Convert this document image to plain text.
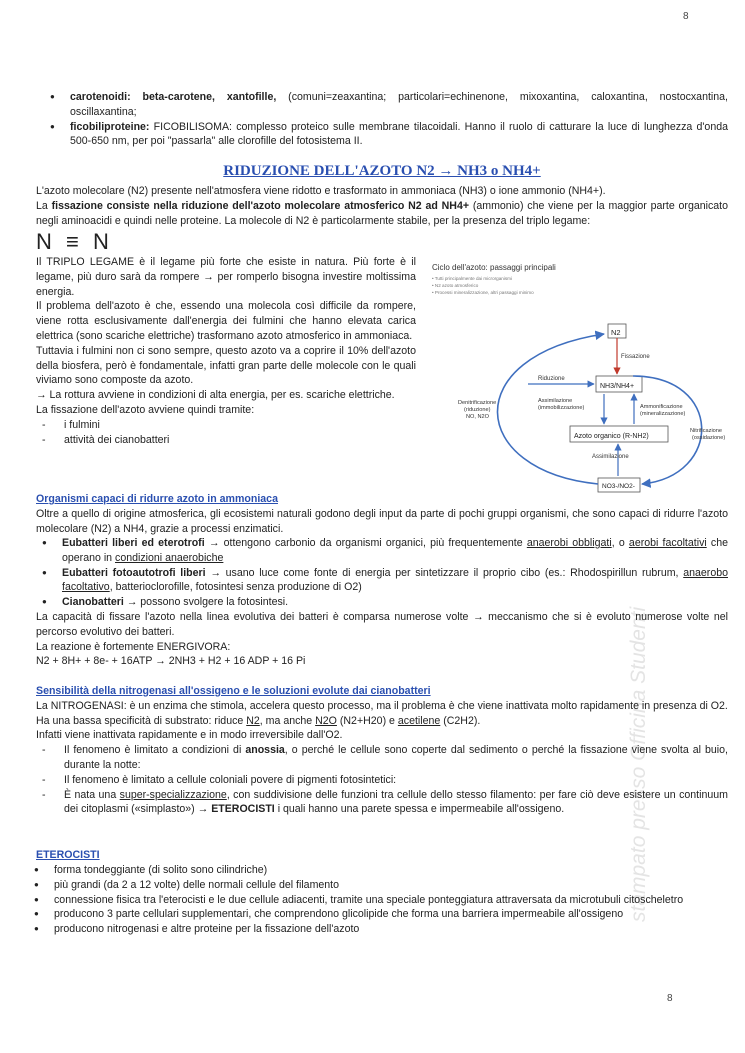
8
8
stampato presso Officina Studenti
● carotenoidi: beta-carotene, xantofille, (comuni=zeaxantina; particolari=echinenone, mixoxantina, caloxantina, nostocxantina, oscillaxantina;
● ficobiliproteine: FICOBILISOMA: complesso proteico sulle membrane tilacoidali. Hanno il ruolo di catturare la luce di lunghezza d'onda 500-650 nm, per poi "passarla" alle clorofille del fotosistema II.
RIDUZIONE DELL'AZOTO N2 → NH3 o NH4+

L'azoto molecolare (N2) presente nell'atmosfera viene ridotto e trasformato in ammoniaca (NH3) o ione ammonio (NH4+).

La fissazione consiste nella riduzione dell'azoto molecolare atmosferico N2 ad NH4+ (ammonio) che viene per la maggior parte organicato negli aminoacidi e quindi nelle proteine. La molecole di N2 è particolarmente stabile, per la presenza del triplo legame:

N ≡ N

Il TRIPLO LEGAME è il legame più forte che esiste in natura. Più forte è il legame, più duro sarà da rompere → per romperlo bisogna investire moltissima energia.

Il problema dell'azoto è che, essendo una molecola così difficile da rompere, viene rotta esclusivamente dall'energia dei fulmini che hanno elevata carica elettrica (sono scariche elettriche) trasformano azoto atmosferico in ammoniaca.

Tuttavia i fulmini non ci sono sempre, questo azoto va a coprire il 10% dell'azoto della biosfera, però è fondamentale, infatti gran parte delle molecole con le quali viviamo sono composte da azoto.

→ La rottura avviene in condizioni di alta energia, per es. scariche elettriche.

La fissazione dell'azoto avviene quindi tramite:

- i fulmini
- attività dei cianobatteri
Ciclo dell'azoto: passaggi principali
• Tutti principalmente dai microrganismi
• N2 azoto atmosferico
• Processi mineralizzazione, altri passaggi minimo
N2
Fissazione
NH3/NH4+
Azoto organico (R-NH2)
NO3-/NO2-
Riduzione
Assimilazione
(immobilizzazione)	Ammonificazione
(mineralizzazione)
Denitrificazione
(riduzione)
NO, N2O
Nitrificazione
(ossidazione)
Assimilazione

Organismi capaci di ridurre azoto in ammoniaca

Oltre a quello di origine atmosferica, gli ecosistemi naturali godono degli input da parte di pochi gruppi organismi, che sono capaci di ridurre l'azoto molecolare (N2) a NH4, grazie a processi enzimatici.

● Eubatteri liberi ed eterotrofi → ottengono carbonio da organismi organici, più frequentemente anaerobi obbligati, o aerobi facoltativi che operano in condizioni anaerobiche
● Eubatteri fotoautotrofi liberi → usano luce come fonte di energia per sintetizzare il proprio cibo (es.: Rhodospirillun rubrum, anaerobo facoltativo, batterioclorofille, fotosintesi senza produzione di O2)
● Cianobatteri → possono svolgere la fotosintesi.

La capacità di fissare l'azoto nella linea evolutiva dei batteri è comparsa numerose volte → meccanismo che si è evoluto numerose volte nel percorso evolutivo dei batteri.

La reazione è fortemente ENERGIVORA:

N2 + 8H+ + 8e- + 16ATP → 2NH3 + H2 + 16 ADP + 16 Pi

Sensibilità della nitrogenasi all'ossigeno e le soluzioni evolute dai cianobatteri

La NITROGENASI: è un enzima che stimola, accelera questo processo, ma il problema è che viene inattivata molto rapidamente in presenza di O2.

Ha una bassa specificità di substrato: riduce N2, ma anche N2O (N2+H20) e acetilene (C2H2).

Infatti viene inattivata rapidamente e in modo irreversibile dall'O2.

- Il fenomeno è limitato a condizioni di anossia, o perché le cellule sono coperte dal sedimento o perché la fissazione viene svolta al buio, durante la notte:
- Il fenomeno è limitato a cellule coloniali povere di pigmenti fotosintetici:
- È nata una super-specializzazione, con suddivisione delle funzioni tra cellule dello stesso filamento: per fare ciò deve esistere un continuum dei citoplasmi («simplasto») → ETEROCISTI i quali hanno una parete spessa e impermeabile all'ossigeno.
ETEROCISTI
● forma tondeggiante (di solito sono cilindriche)
● più grandi (da 2 a 12 volte) delle normali cellule del filamento
● connessione fisica tra l'eterocisti e le due cellule adiacenti, tramite una speciale ponteggiatura attraversata da microtubuli citoscheletro
● producono 3 parte cellulari supplementari, che comprendono glicolipide che forma una barriera impermeabile all'ossigeno
● producono nitrogenasi e altre proteine per la fissazione dell'azoto
